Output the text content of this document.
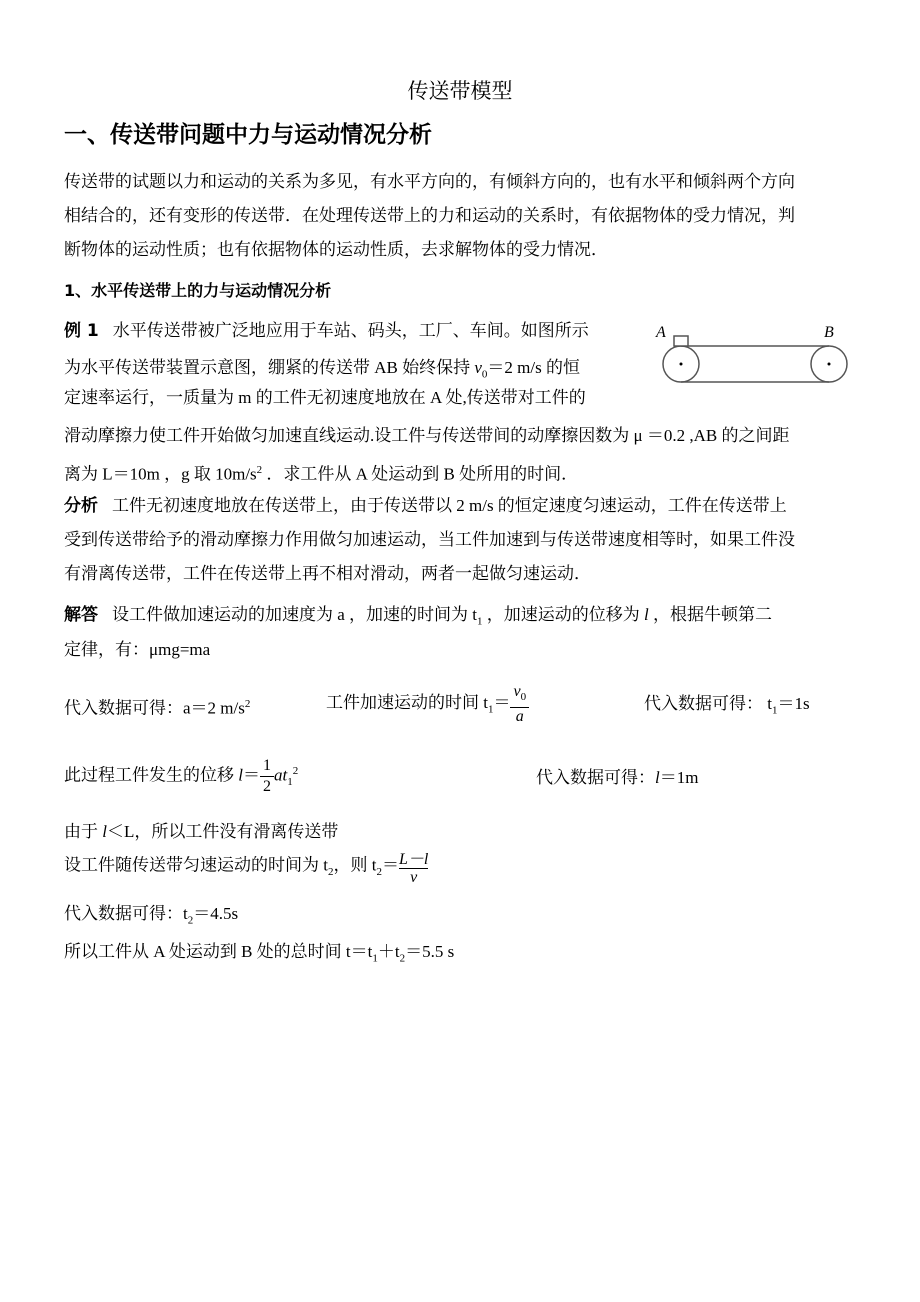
传送带模型
一、传送带问题中力与运动情况分析
传送带的试题以力和运动的关系为多见，有水平方向的，有倾斜方向的，也有水平和倾斜两个方向
相结合的，还有变形的传送带．在处理传送带上的力和运动的关系时，有依据物体的受力情况，判
断物体的运动性质；也有依据物体的运动性质，去求解物体的受力情况．
1、水平传送带上的力与运动情况分析
例 1 水平传送带被广泛地应用于车站、码头，工厂、车间。如图所示
为水平传送带装置示意图，绷紧的传送带 AB 始终保持 $v_0=2$ m/s 的恒
定速率运行，一质量为 m 的工件无初速度地放在 A 处,传送带对工件的
滑动摩擦力使工件开始做匀加速直线运动.设工件与传送带间的动摩擦因数为 μ ＝0.2 ,AB 的之间距
离为 L＝10m ，g 取 $10m/s^2$ ．求工件从 A 处运动到 B 处所用的时间．
A	B
分析 工件无初速度地放在传送带上，由于传送带以 2 m/s 的恒定速度匀速运动，工件在传送带上
受到传送带给予的滑动摩擦力作用做匀加速运动，当工件加速到与传送带速度相等时，如果工件没
有滑离传送带，工件在传送带上再不相对滑动，两者一起做匀速运动．
解答 设工件做加速运动的加速度为 a ，加速的时间为 $t_1$ ，加速运动的位移为 l ，根据牛顿第二
定律，有：μmg=ma
代入数据可得：a＝2 $m/s^2$	工件加速运动的时间 $t_1= \frac{v_0}{a}$	代入数据可得： $t_1=1s$
此过程工件发生的位移 $l= \frac{1}{2} at_1^2$	代入数据可得：l＝1m
由于 l＜L，所以工件没有滑离传送带
设工件随传送带匀速运动的时间为 $t_2$，则 $t_2=\frac{L-l}{v}$
代入数据可得：$t_2=4.5s$
所以工件从 A 处运动到 B 处的总时间 $t=t_1+t_2=5.5$ s
